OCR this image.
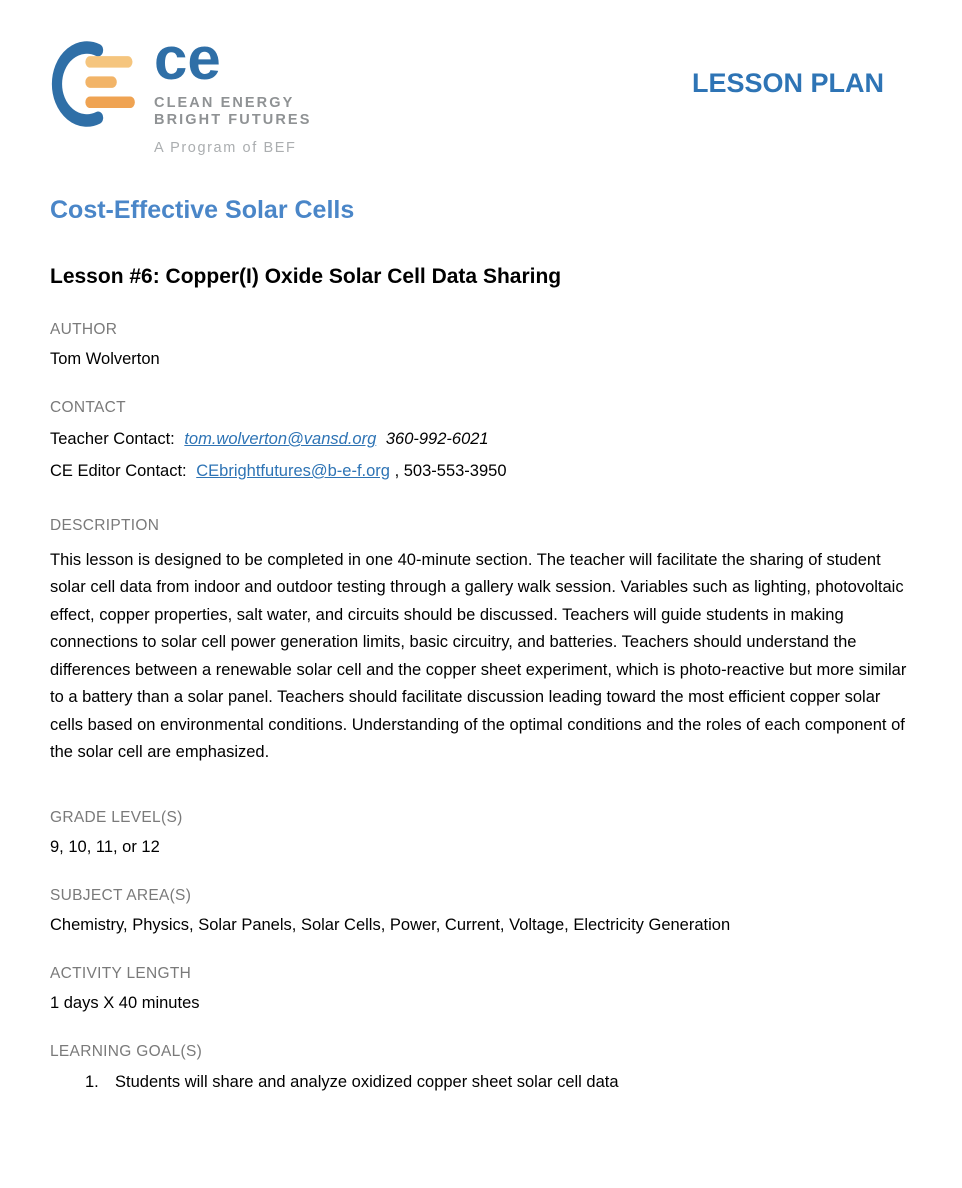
ce
CLEAN ENERGY
BRIGHT FUTURES
A Program of BEF
LESSON PLAN
Cost-Effective Solar Cells
Lesson #6: Copper(I) Oxide Solar Cell Data Sharing
AUTHOR
Tom Wolverton
CONTACT
Teacher Contact: tom.wolverton@vansd.org 360-992-6021
CE Editor Contact: CEbrightfutures@b-e-f.org , 503-553-3950
DESCRIPTION
This lesson is designed to be completed in one 40-minute section. The teacher will facilitate the sharing of student solar cell data from indoor and outdoor testing through a gallery walk session. Variables such as lighting, photovoltaic effect, copper properties, salt water, and circuits should be discussed. Teachers will guide students in making connections to solar cell power generation limits, basic circuitry, and batteries. Teachers should understand the differences between a renewable solar cell and the copper sheet experiment, which is photo-reactive but more similar to a battery than a solar panel. Teachers should facilitate discussion leading toward the most efficient copper solar cells based on environmental conditions. Understanding of the optimal conditions and the roles of each component of the solar cell are emphasized.
GRADE LEVEL(S)
9, 10, 11, or 12
SUBJECT AREA(S)
Chemistry, Physics, Solar Panels, Solar Cells, Power, Current, Voltage, Electricity Generation
ACTIVITY LENGTH
1 days X 40 minutes
LEARNING GOAL(S)
1. Students will share and analyze oxidized copper sheet solar cell data
